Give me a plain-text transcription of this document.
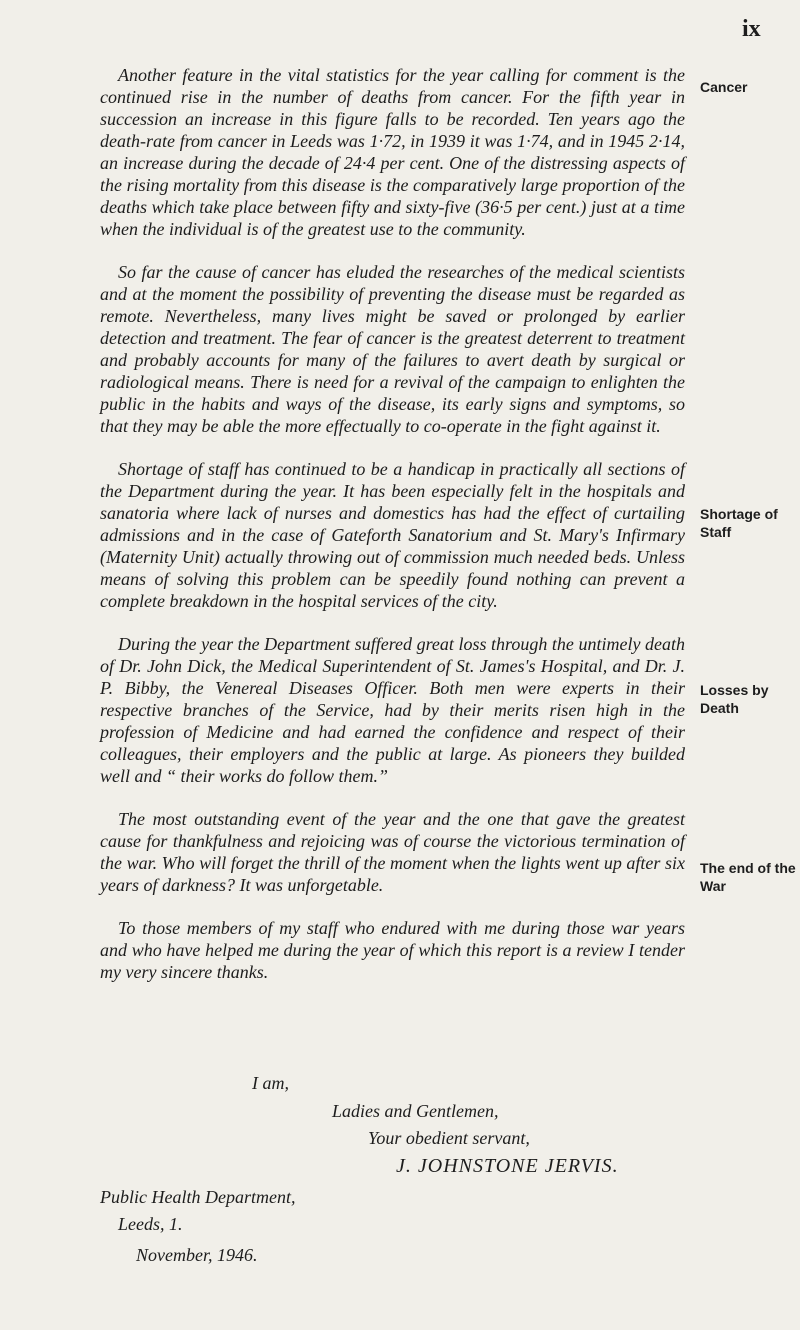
ix

Another feature in the vital statistics for the year calling for comment is the continued rise in the number of deaths from cancer. For the fifth year in succession an increase in this figure falls to be recorded. Ten years ago the death-rate from cancer in Leeds was 1·72, in 1939 it was 1·74, and in 1945 2·14, an increase during the decade of 24·4 per cent. One of the distressing aspects of the rising mortality from this disease is the comparatively large proportion of the deaths which take place between fifty and sixty-five (36·5 per cent.) just at a time when the individual is of the greatest use to the community.

So far the cause of cancer has eluded the researches of the medical scientists and at the moment the possibility of preventing the disease must be regarded as remote. Nevertheless, many lives might be saved or prolonged by earlier detection and treatment. The fear of cancer is the greatest deterrent to treatment and probably accounts for many of the failures to avert death by surgical or radiological means. There is need for a revival of the campaign to enlighten the public in the habits and ways of the disease, its early signs and symptoms, so that they may be able the more effectually to co-operate in the fight against it.

Shortage of staff has continued to be a handicap in practically all sections of the Department during the year. It has been especially felt in the hospitals and sanatoria where lack of nurses and domestics has had the effect of curtailing admissions and in the case of Gateforth Sanatorium and St. Mary's Infirmary (Maternity Unit) actually throwing out of commission much needed beds. Unless means of solving this problem can be speedily found nothing can prevent a complete breakdown in the hospital services of the city.

During the year the Department suffered great loss through the untimely death of Dr. John Dick, the Medical Superintendent of St. James's Hospital, and Dr. J. P. Bibby, the Venereal Diseases Officer. Both men were experts in their respective branches of the Service, had by their merits risen high in the profession of Medicine and had earned the confidence and respect of their colleagues, their employers and the public at large. As pioneers they builded well and “ their works do follow them.”

The most outstanding event of the year and the one that gave the greatest cause for thankfulness and rejoicing was of course the victorious termination of the war. Who will forget the thrill of the moment when the lights went up after six years of darkness? It was unforgetable.

To those members of my staff who endured with me during those war years and who have helped me during the year of which this report is a review I tender my very sincere thanks.

Cancer
Shortage of Staff
Losses by Death
The end of the War
I am,
Ladies and Gentlemen,
Your obedient servant,
J. JOHNSTONE JERVIS.
Public Health Department,
Leeds, 1.
November, 1946.
